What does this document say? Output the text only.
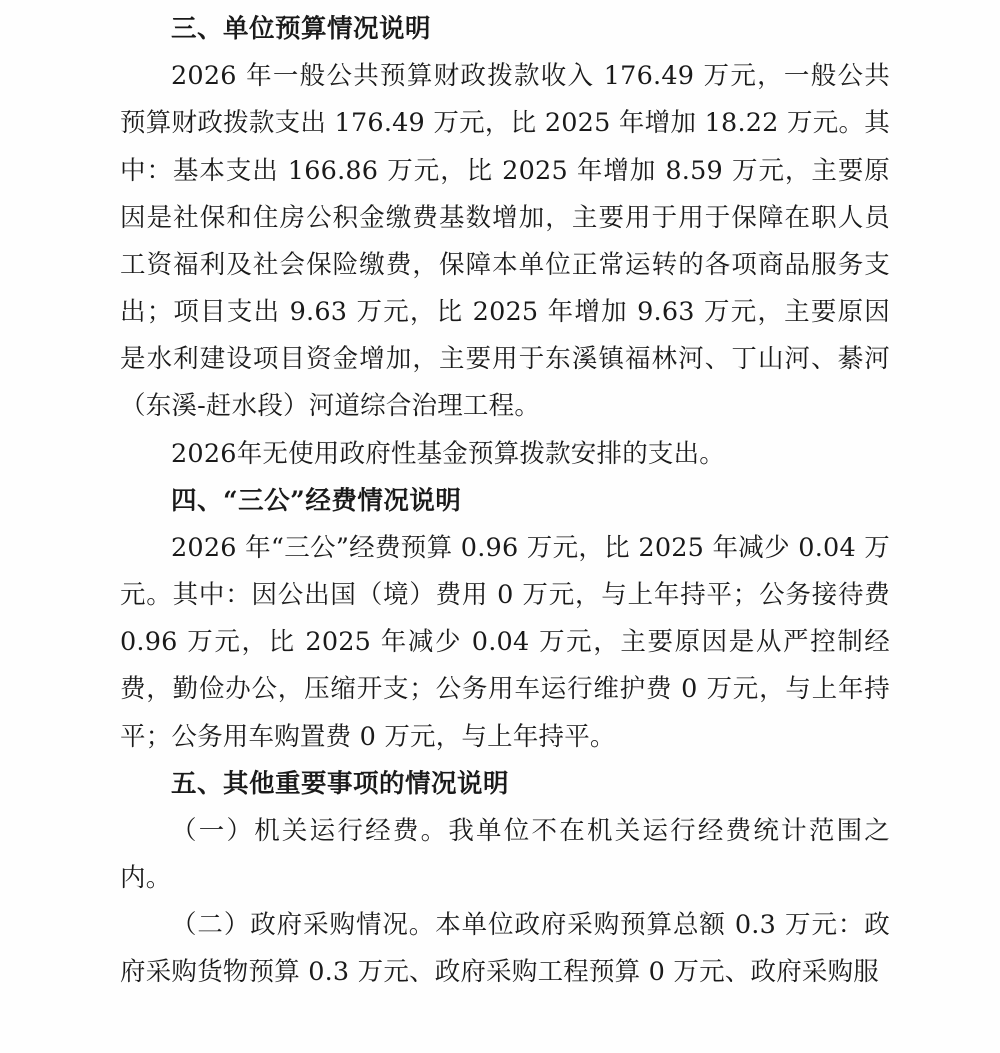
三、单位预算情况说明

2026 年一般公共预算财政拨款收入 176.49 万元，一般公共预算财政拨款支出 176.49 万元，比 2025 年增加 18.22 万元。其中：基本支出 166.86 万元，比 2025 年增加 8.59 万元，主要原因是社保和住房公积金缴费基数增加，主要用于用于保障在职人员工资福利及社会保险缴费，保障本单位正常运转的各项商品服务支出；项目支出 9.63 万元，比 2025 年增加 9.63 万元，主要原因是水利建设项目资金增加，主要用于东溪镇福林河、丁山河、綦河（东溪-赶水段）河道综合治理工程。

2026年无使用政府性基金预算拨款安排的支出。

四、“三公”经费情况说明

2026 年“三公”经费预算 0.96 万元，比 2025 年减少 0.04 万元。其中：因公出国（境）费用 0 万元，与上年持平；公务接待费 0.96 万元，比 2025 年减少 0.04 万元，主要原因是从严控制经费，勤俭办公，压缩开支；公务用车运行维护费 0 万元，与上年持平；公务用车购置费 0 万元，与上年持平。

五、其他重要事项的情况说明

（一）机关运行经费。我单位不在机关运行经费统计范围之内。

（二）政府采购情况。本单位政府采购预算总额 0.3 万元：政府采购货物预算 0.3 万元、政府采购工程预算 0 万元、政府采购服
